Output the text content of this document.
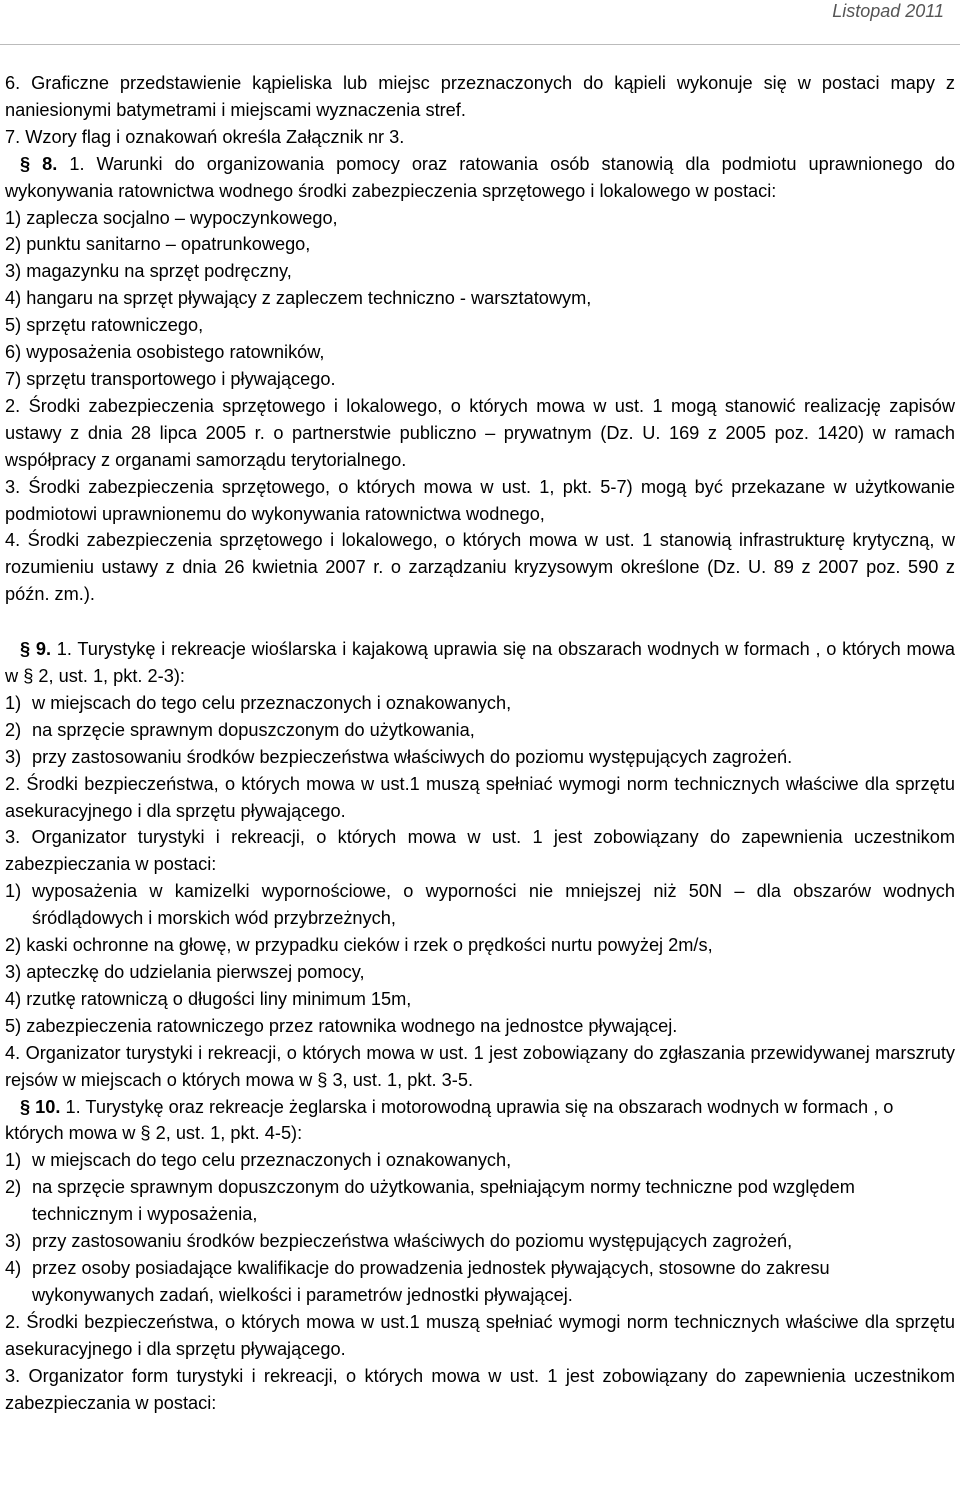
Listopad 2011

6. Graficzne przedstawienie kąpieliska lub miejsc przeznaczonych do kąpieli wykonuje się w postaci mapy z naniesionymi batymetrami i miejscami wyznaczenia stref.

7. Wzory flag i oznakowań określa Załącznik nr 3.

§ 8. 1. Warunki do organizowania pomocy oraz ratowania osób stanowią dla podmiotu uprawnionego do wykonywania ratownictwa wodnego środki zabezpieczenia sprzętowego i lokalowego w postaci:

1) zaplecza socjalno – wypoczynkowego,

2) punktu sanitarno – opatrunkowego,

3) magazynku na sprzęt podręczny,

4) hangaru na sprzęt pływający z zapleczem techniczno - warsztatowym,

5) sprzętu ratowniczego,

6) wyposażenia osobistego ratowników,

7) sprzętu transportowego i pływającego.

2. Środki zabezpieczenia sprzętowego i lokalowego, o których mowa w ust. 1 mogą stanowić realizację zapisów ustawy z dnia 28 lipca 2005 r. o partnerstwie publiczno – prywatnym (Dz. U. 169 z 2005 poz. 1420) w ramach współpracy z organami samorządu terytorialnego.

3. Środki zabezpieczenia sprzętowego, o których mowa w ust. 1, pkt. 5-7) mogą być przekazane w użytkowanie podmiotowi uprawnionemu do wykonywania ratownictwa wodnego,

4. Środki zabezpieczenia sprzętowego i lokalowego, o których mowa w ust. 1 stanowią infrastrukturę krytyczną, w rozumieniu ustawy z dnia 26 kwietnia 2007 r. o zarządzaniu kryzysowym określone (Dz. U. 89 z 2007 poz. 590 z późn. zm.).

§ 9. 1. Turystykę i rekreacje wioślarska i kajakową uprawia się na obszarach wodnych w formach , o których mowa w § 2, ust. 1, pkt. 2-3):

1) w miejscach do tego celu przeznaczonych i oznakowanych,
2) na sprzęcie sprawnym dopuszczonym do użytkowania,
3) przy zastosowaniu środków bezpieczeństwa właściwych do poziomu występujących zagrożeń.

2. Środki bezpieczeństwa, o których mowa w ust.1 muszą spełniać wymogi norm technicznych właściwe dla sprzętu asekuracyjnego i dla sprzętu pływającego.

3. Organizator turystyki i rekreacji, o których mowa w ust. 1 jest zobowiązany do zapewnienia uczestnikom zabezpieczania w postaci:

1) wyposażenia w kamizelki wypornościowe, o wyporności nie mniejszej niż 50N – dla obszarów wodnych śródlądowych i morskich wód przybrzeżnych,

2) kaski ochronne na głowę, w przypadku cieków i rzek o prędkości nurtu powyżej 2m/s,

3) apteczkę do udzielania pierwszej pomocy,

4) rzutkę ratowniczą o długości liny minimum 15m,

5) zabezpieczenia ratowniczego przez ratownika wodnego na jednostce pływającej.

4. Organizator turystyki i rekreacji, o których mowa w ust. 1 jest zobowiązany do zgłaszania przewidywanej marszruty rejsów w miejscach o których mowa w § 3, ust. 1, pkt. 3-5.

§ 10. 1. Turystykę oraz rekreacje żeglarska i motorowodną uprawia się na obszarach wodnych w formach , o których mowa w § 2, ust. 1, pkt. 4-5):

1) w miejscach do tego celu przeznaczonych i oznakowanych,
2) na sprzęcie sprawnym dopuszczonym do użytkowania, spełniającym normy techniczne pod względem technicznym i wyposażenia,
3) przy zastosowaniu środków bezpieczeństwa właściwych do poziomu występujących zagrożeń,
4) przez osoby posiadające kwalifikacje do prowadzenia jednostek pływających, stosowne do zakresu wykonywanych zadań, wielkości i parametrów jednostki pływającej.

2. Środki bezpieczeństwa, o których mowa w ust.1 muszą spełniać wymogi norm technicznych właściwe dla sprzętu asekuracyjnego i dla sprzętu pływającego.

3. Organizator form turystyki i rekreacji, o których mowa w ust. 1 jest zobowiązany do zapewnienia uczestnikom zabezpieczania w postaci:
